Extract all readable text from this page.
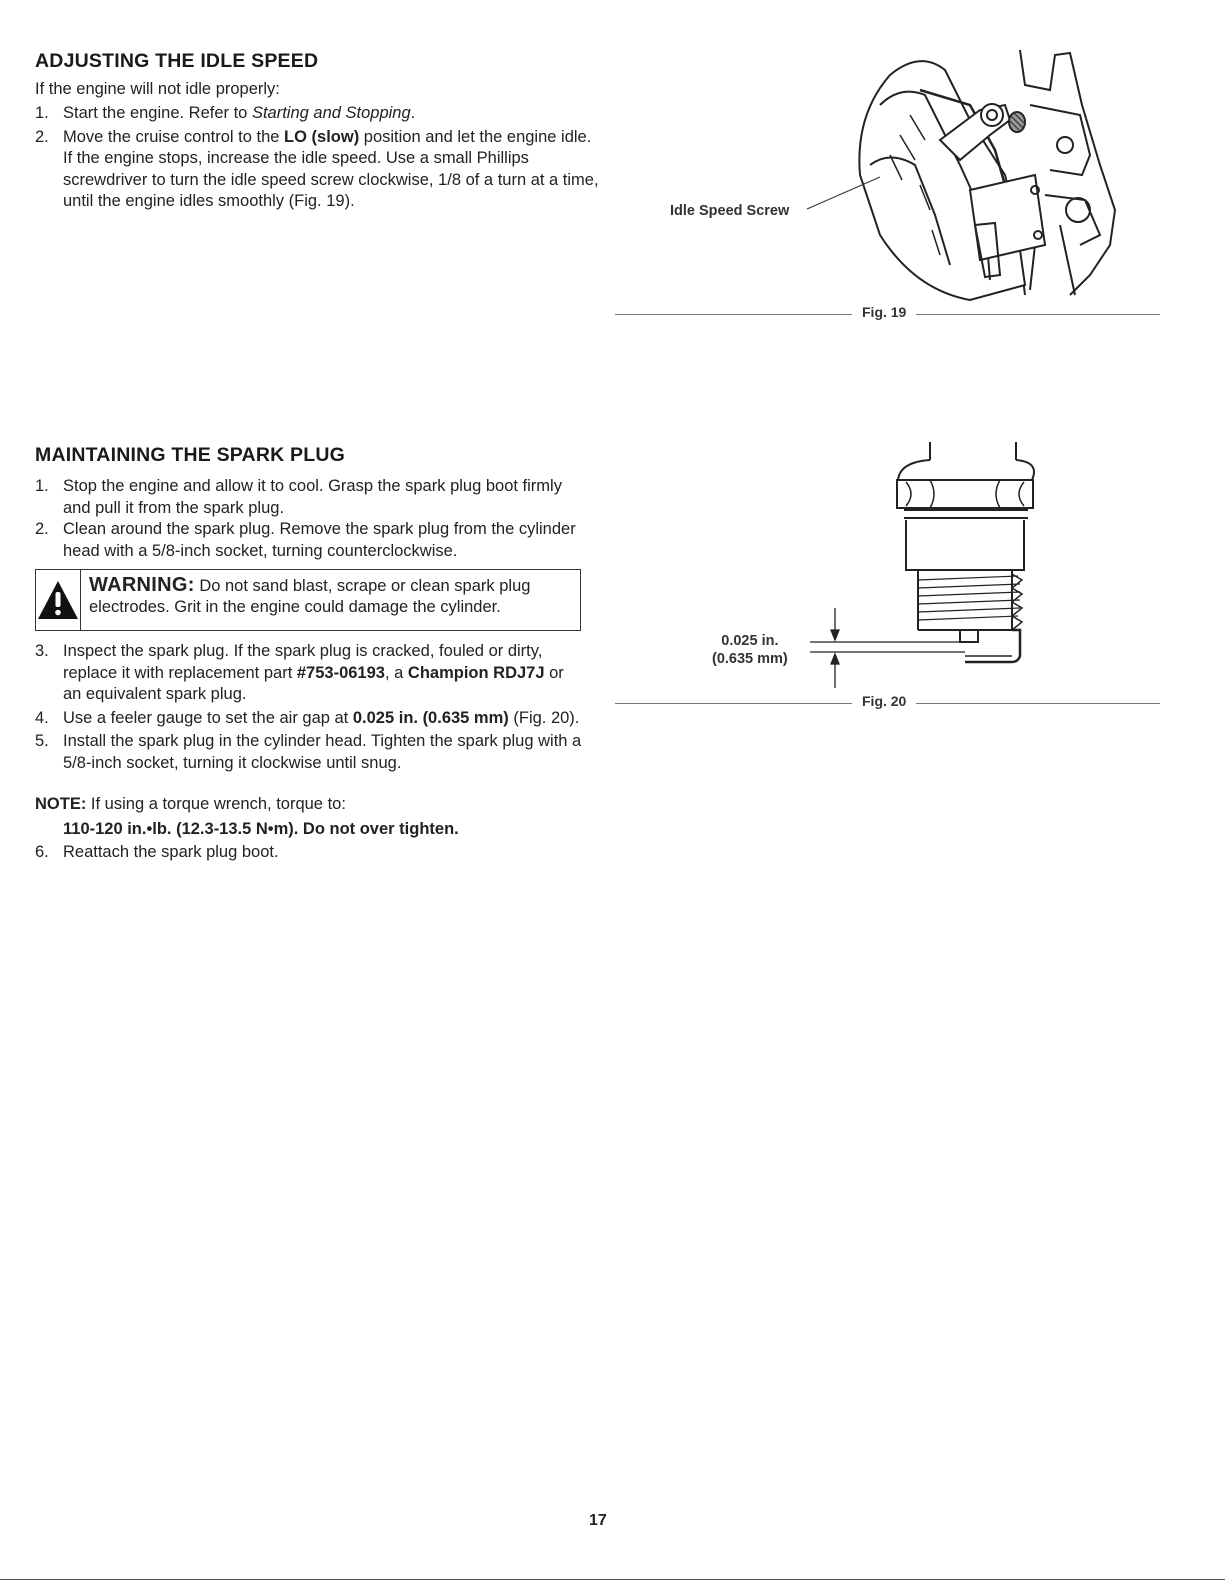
ADJUSTING THE IDLE SPEED

If the engine will not idle properly:

1. Start the engine. Refer to Starting and Stopping.
2. Move the cruise control to the LO (slow) position and let the engine idle. If the engine stops, increase the idle speed. Use a small Phillips screwdriver to turn the idle speed screw clockwise, 1/8 of a turn at a time, until the engine idles smoothly (Fig. 19).
Idle Speed Screw
Fig. 19
MAINTAINING THE SPARK PLUG
1. Stop the engine and allow it to cool. Grasp the spark plug boot firmly and pull it from the spark plug.
2. Clean around the spark plug. Remove the spark plug from the cylinder head with a 5/8-inch socket, turning counterclockwise.
WARNING: Do not sand blast, scrape or clean spark plug electrodes. Grit in the engine could damage the cylinder.
3. Inspect the spark plug. If the spark plug is cracked, fouled or dirty, replace it with replacement part #753-06193, a Champion RDJ7J or an equivalent spark plug.
4. Use a feeler gauge to set the air gap at 0.025 in. (0.635 mm) (Fig. 20).
5. Install the spark plug in the cylinder head. Tighten the spark plug with a 5/8-inch socket, turning it clockwise until snug.
NOTE: If using a torque wrench, torque to:
110-120 in.•lb. (12.3-13.5 N•m). Do not over tighten.
6. Reattach the spark plug boot.
0.025 in.
(0.635 mm)
Fig. 20
17
